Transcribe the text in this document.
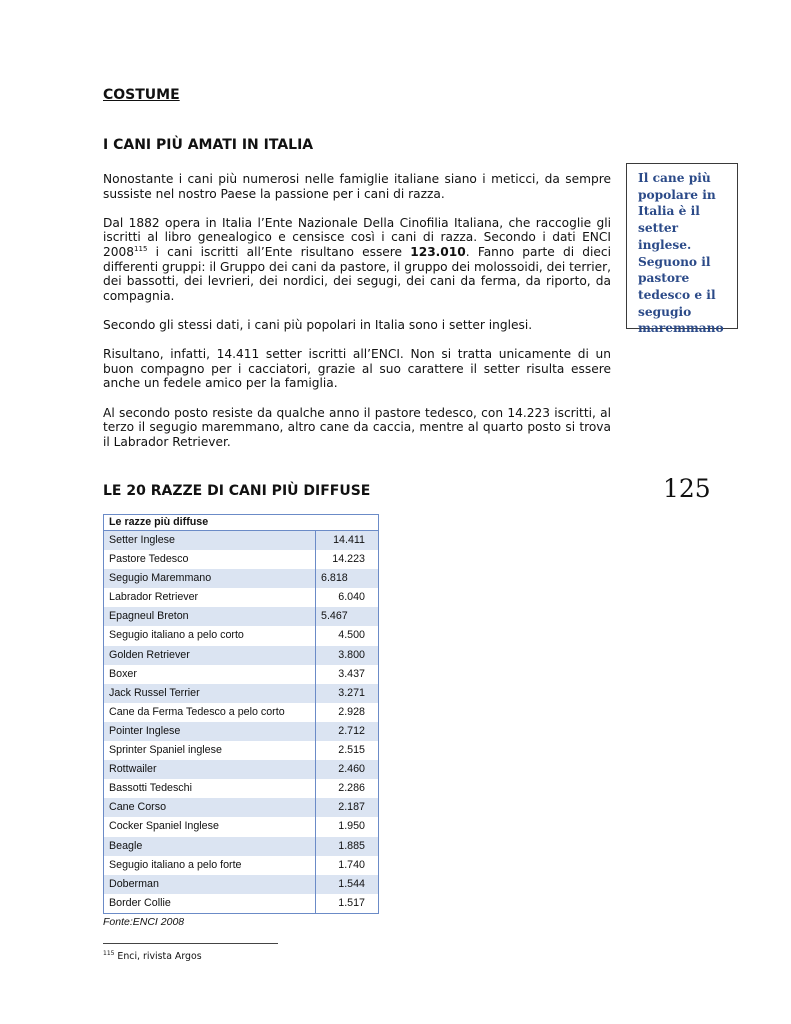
COSTUME
I CANI PIÙ AMATI IN ITALIA

Nonostante i cani più numerosi nelle famiglie italiane siano i meticci, da sempre sussiste nel nostro Paese la passione per i cani di razza.

Dal 1882 opera in Italia l’Ente Nazionale Della Cinofilia Italiana, che raccoglie gli iscritti al libro genealogico e censisce così i cani di razza. Secondo i dati ENCI 2008$^{115}$ i cani iscritti all’Ente risultano essere 123.010. Fanno parte di dieci differenti gruppi: il Gruppo dei cani da pastore, il gruppo dei molossoidi, dei terrier, dei bassotti, dei levrieri, dei nordici, dei segugi, dei cani da ferma, da riporto, da compagnia.

Secondo gli stessi dati, i cani più popolari in Italia sono i setter inglesi.

Risultano, infatti, 14.411 setter iscritti all’ENCI. Non si tratta unicamente di un buon compagno per i cacciatori, grazie al suo carattere il setter risulta essere anche un fedele amico per la famiglia.

Al secondo posto resiste da qualche anno il pastore tedesco, con 14.223 iscritti, al terzo il segugio maremmano, altro cane da caccia, mentre al quarto posto si trova il Labrador Retriever.

Il cane più popolare in Italia è il setter inglese. Seguono il pastore tedesco e il segugio maremmano
125
LE 20 RAZZE DI CANI PIÙ DIFFUSE
Le razze più diffuse
Setter Inglese	14.411
Pastore Tedesco	14.223
Segugio Maremmano	6.818
Labrador Retriever	6.040
Epagneul Breton	5.467
Segugio italiano a pelo corto	4.500
Golden Retriever	3.800
Boxer	3.437
Jack Russel Terrier	3.271
Cane da Ferma Tedesco a pelo corto	2.928
Pointer Inglese	2.712
Sprinter Spaniel inglese	2.515
Rottwailer	2.460
Bassotti Tedeschi	2.286
Cane Corso	2.187
Cocker Spaniel Inglese	1.950
Beagle	1.885
Segugio italiano a pelo forte	1.740
Doberman	1.544
Border Collie	1.517
Fonte:ENCI 2008
$^{115}$ Enci, rivista Argos
